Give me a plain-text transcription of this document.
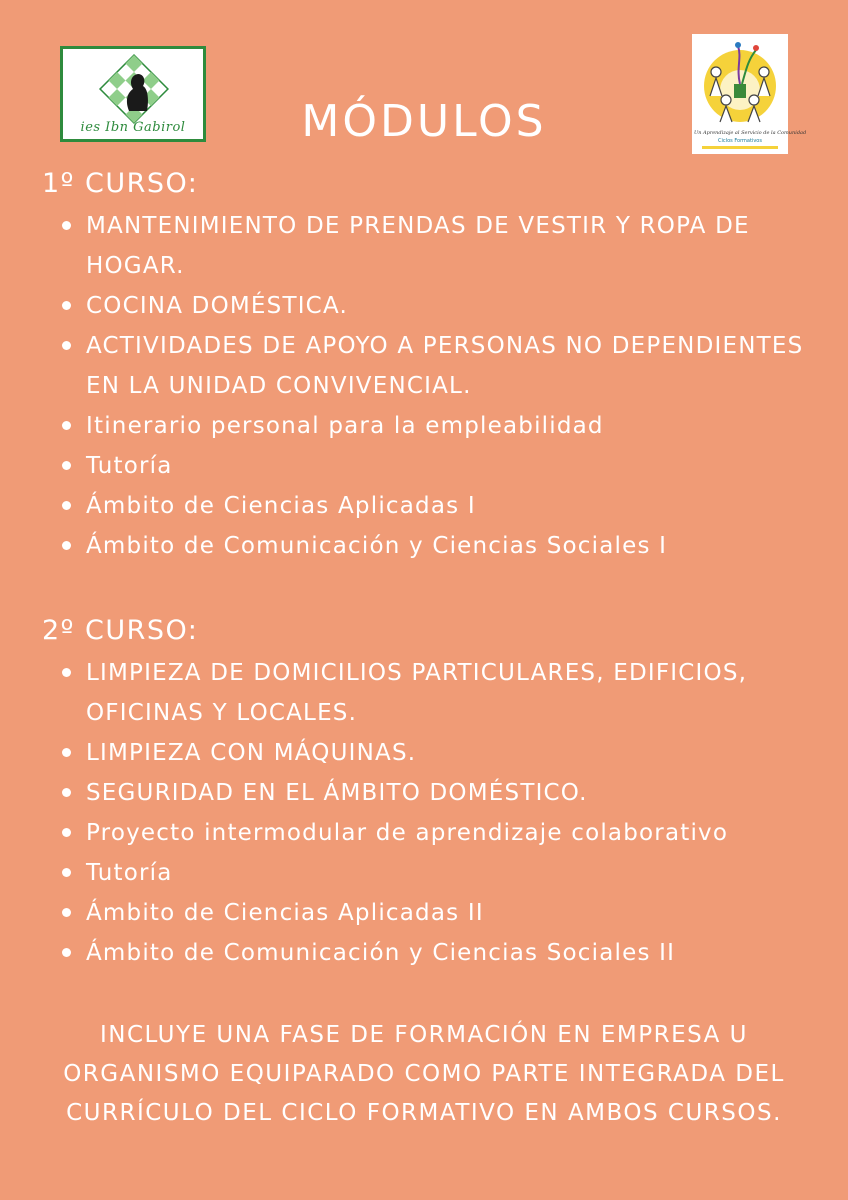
ies Ibn Gabirol	Un Aprendizaje al Servicio de la Comunidad
Ciclos Formativos
MÓDULOS
1º CURSO:
MANTENIMIENTO DE PRENDAS DE VESTIR Y ROPA DE HOGAR.
COCINA DOMÉSTICA.
ACTIVIDADES DE APOYO A PERSONAS NO DEPENDIENTES EN LA UNIDAD CONVIVENCIAL.
Itinerario personal para la empleabilidad
Tutoría
Ámbito de Ciencias Aplicadas I
Ámbito de Comunicación y Ciencias Sociales I
2º CURSO:
LIMPIEZA DE DOMICILIOS PARTICULARES, EDIFICIOS, OFICINAS Y LOCALES.
LIMPIEZA CON MÁQUINAS.
SEGURIDAD EN EL ÁMBITO DOMÉSTICO.
Proyecto intermodular de aprendizaje colaborativo
Tutoría
Ámbito de Ciencias Aplicadas II
Ámbito de Comunicación y Ciencias Sociales II
INCLUYE UNA FASE DE FORMACIÓN EN EMPRESA U ORGANISMO EQUIPARADO COMO PARTE INTEGRADA DEL CURRÍCULO DEL CICLO FORMATIVO EN AMBOS CURSOS.
